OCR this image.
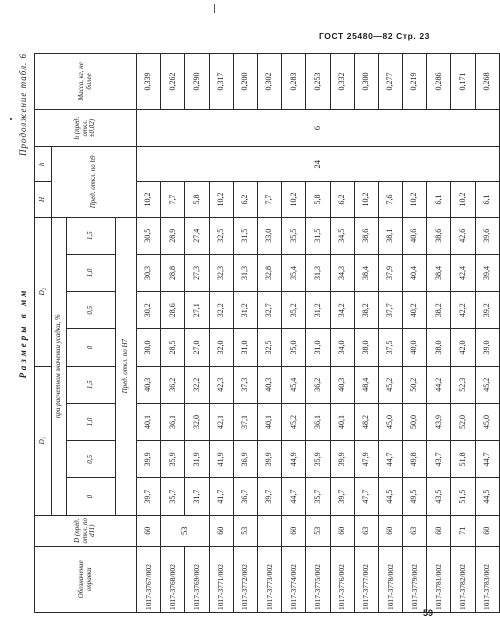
ГОСТ 25480—82 Стр. 23
Размеры в мм
Продолжение табл. 6
Обозначение оправки	D (пред. откл. по d11)	D₁				D₂				H	h	h (пред. откл. ±0,02)	Масса, кг, не более
		при расчетном значении усадки, %								Пред. откл. по h9			
		0	0,5	1,0	1,5	0	0,5	1,0	1,5				
		Пред. откл. по H7											
1017-3767/002	60	39,7	39,9	40,1	40,3	30,0	30,2	30,3	30,5	10,2	24	6	0,339
1017-3768/002	53	35,7	35,9	36,1	36,2	28,5	28,6	28,8	28,9	7,7			0,262
1017-3769/002		31,7	31,9	32,0	32,2	27,0	27,1	27,3	27,4	5,8			0,290
1017-3771/002	60	41,7	41,9	42,1	42,3	32,0	32,2	32,3	32,5	10,2			0,317
1017-3772/002	53	36,7	36,9	37,1	37,3	31,0	31,2	31,3	31,5	6,2			0,200
1017-3773/002		39,7	39,9	40,1	40,3	32,5	32,7	32,8	33,0	7,7			0,302
1017-3774/002	60	44,7	44,9	45,2	45,4	35,0	35,2	35,4	35,5	10,2			0,283
1017-3775/002	53	35,7	35,9	36,1	36,2	31,0	31,2	31,3	31,5	5,8			0,253
1017-3776/002	60	39,7	39,9	40,1	40,3	34,0	34,2	34,3	34,5	6,2			0,332
1017-3777/002	63	47,7	47,9	48,2	48,4	38,0	38,2	38,4	38,6	10,2			0,300
1017-3778/002	60	44,5	44,7	45,0	45,2	37,5	37,7	37,9	38,1	7,6			0,277
1017-3779/002	63	49,5	49,8	50,0	50,2	40,0	40,2	40,4	40,6	10,2			0,219
1017-3781/002	60	43,5	43,7	43,9	44,2	38,0	38,2	38,4	38,6	6,1			0,286
1017-3782/002	71	51,5	51,8	52,0	52,3	42,0	42,2	42,4	42,6	10,2			0,171
1017-3783/002	60	44,5	44,7	45,0	45,2	39,0	39,2	39,4	39,6	6,1			0,268
59
